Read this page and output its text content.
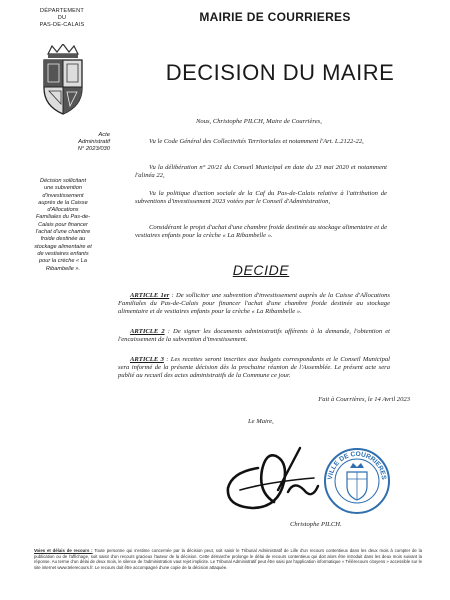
DÉPARTEMENT
DU
PAS-DE-CALAIS
Acte
Administratif
N° 2023/030
Décision sollicitant
une subvention
d'investissement
auprès de la Caisse
d'Allocations
Familiales du Pas-de-
Calais pour financer
l'achat d'une chambre
froide destinée au
stockage alimentaire et
de vestiaires enfants
pour la crèche « La
Ribambelle ».
MAIRIE DE COURRIERES
DECISION DU MAIRE
Nous, Christophe PILCH, Maire de Courrières,
Vu le Code Général des Collectivités Territoriales et notamment l'Art. L.2122-22,
Vu la délibération n° 20/21 du Conseil Municipal en date du 23 mai 2020 et notamment l'alinéa 22,
Vu la politique d'action sociale de la Caf du Pas-de-Calais relative à l'attribution de subventions d'investissement 2023 votées par le Conseil d'Administration,
Considérant le projet d'achat d'une chambre froide destinée au stockage alimentaire et de vestiaires enfants pour la crèche « La Ribambelle ».
DECIDE
ARTICLE 1er : De solliciter une subvention d'investissement auprès de la Caisse d'Allocations Familiales du Pas-de-Calais pour financer l'achat d'une chambre froide destinée au stockage alimentaire et de vestiaires enfants pour la crèche « La Ribambelle ».
ARTICLE 2 : De signer les documents administratifs afférents à la demande, l'obtention et l'encaissement de la subvention d'investissement.
ARTICLE 3 : Les recettes seront inscrites aux budgets correspondants et le Conseil Municipal sera informé de la présente décision dès la prochaine réunion de l'Assemblée. Le présent acte sera publié au recueil des actes administratifs de la Commune ce jour.
Fait à Courrières, le 14 Avril 2023
Le Maire,
VILLE DE COURRIERES
Christophe PILCH.
Voies et délais de recours : Toute personne qui s'estime concernée par la décision peut, soit saisir le Tribunal Administratif de Lille d'un recours contentieux dans les deux mois à compter de la publication ou de l'affichage, soit saisir d'un recours gracieux l'auteur de la décision. Cette démarche prolonge le délai de recours contentieux qui doit alors être introduit dans les deux mois suivant la réponse. Au terme d'un délai de deux mois, le silence de l'administration vaut rejet implicite. Le Tribunal Administratif peut être saisi par l'application informatique « Télérecours citoyens » accessible sur le site internet www.telerecours.fr. Le recours doit être accompagné d'une copie de la décision attaquée.
